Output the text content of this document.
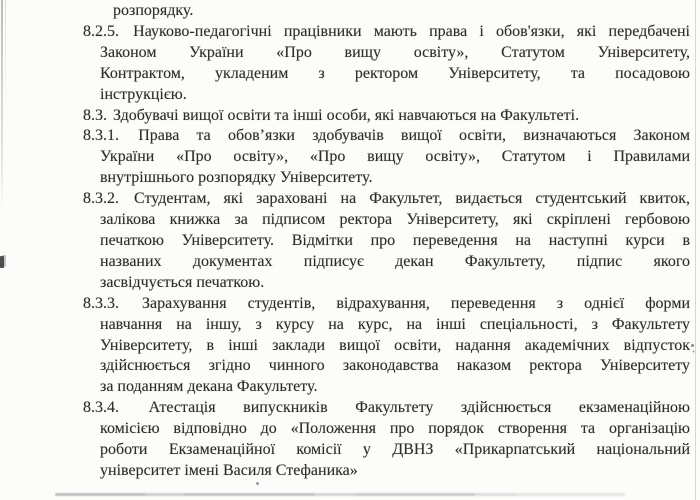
розпорядку.
8.2.5. Науково-педагогічні працівники мають права і обов'язки, які передбачені
Законом України «Про вищу освіту», Статутом Університету,
Контрактом, укладеним з ректором Університету, та посадовою
інструкцією.
8.3. Здобувачі вищої освіти та інші особи, які навчаються на Факультеті.
8.3.1. Права та обов’язки здобувачів вищої освіти, визначаються Законом
України «Про освіту», «Про вищу освіту», Статутом і Правилами
внутрішнього розпорядку Університету.
8.3.2. Студентам, які зараховані на Факультет, видається студентський квиток,
залікова книжка за підписом ректора Університету, які скріплені гербовою
печаткою Університету. Відмітки про переведення на наступні курси в
названих документах підписує декан Факультету, підпис якого
засвідчується печаткою.
8.3.3. Зарахування студентів, відрахування, переведення з однієї форми
навчання на іншу, з курсу на курс, на інші спеціальності, з Факультету
Університету, в інші заклади вищої освіти, надання академічних відпусток
здійснюється згідно чинного законодавства наказом ректора Університету
за поданням декана Факультету.
8.3.4. Атестація випускників Факультету здійснюється екзаменаційною
комісією відповідно до «Положення про порядок створення та організацію
роботи Екзаменаційної комісії у ДВНЗ «Прикарпатський національний
університет імені Василя Стефаника»
